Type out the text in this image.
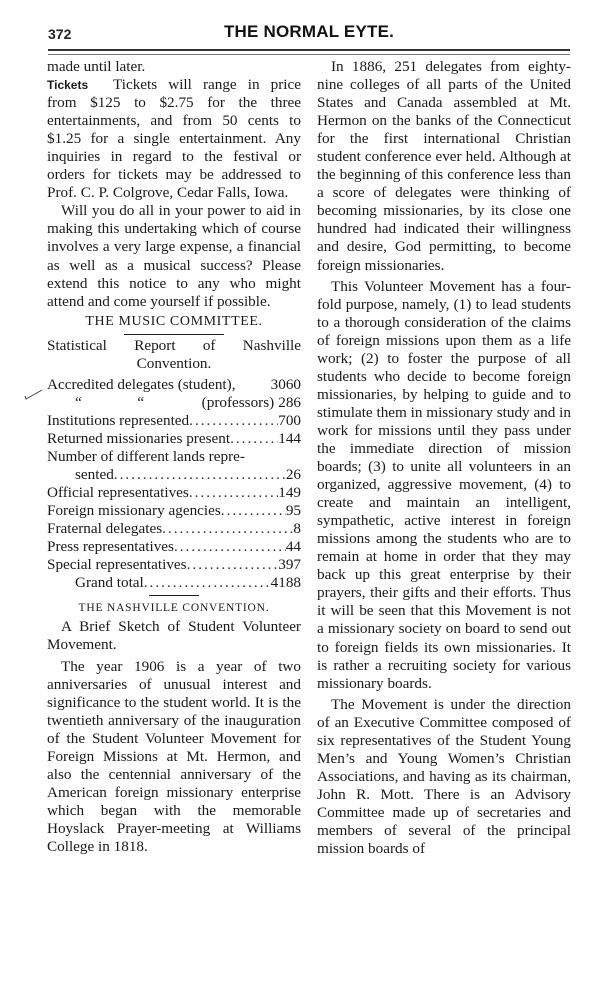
372	THE NORMAL EYTE.

made until later.

Tickets Tickets will range in price from $125 to $2.75 for the three entertainments, and from 50 cents to $1.25 for a single entertainment. Any inquiries in regard to the festival or orders for tickets may be addressed to Prof. C. P. Colgrove, Cedar Falls, Iowa.

Will you do all in your power to aid in making this undertaking which of course involves a very large expense, a financial as well as a musical success? Please extend this notice to any who might attend and come yourself if possible.

THE MUSIC COMMITTEE.
Statistical Report of Nashville
Convention.
Accredited delegates (student), 3060
“	“	(professors) 286
Institutions represented .....	700
Returned missionaries present .....	144
Number of different lands repre-
sented .....	26
Official representatives .....	149
Foreign missionary agencies .....	95
Fraternal delegates .....	8
Press representatives .....	44
Special representatives .....	397
Grand total .....	4188
THE NASHVILLE CONVENTION.

A Brief Sketch of Student Volunteer Movement.

The year 1906 is a year of two anniversaries of unusual interest and significance to the student world. It is the twentieth anniversary of the inauguration of the Student Volunteer Movement for Foreign Missions at Mt. Hermon, and also the centennial anniversary of the American foreign missionary enterprise which began with the memorable Hoyslack Prayer-meeting at Williams College in 1818.

In 1886, 251 delegates from eighty-nine colleges of all parts of the United States and Canada assembled at Mt. Hermon on the banks of the Connecticut for the first international Christian student conference ever held. Although at the beginning of this conference less than a score of delegates were thinking of becoming missionaries, by its close one hundred had indicated their willingness and desire, God permitting, to become foreign missionaries.

This Volunteer Movement has a four-fold purpose, namely, (1) to lead students to a thorough consideration of the claims of foreign missions upon them as a life work; (2) to foster the purpose of all students who decide to become foreign missionaries, by helping to guide and to stimulate them in missionary study and in work for missions until they pass under the immediate direction of mission boards; (3) to unite all volunteers in an organized, aggressive movement, (4) to create and maintain an intelligent, sympathetic, active interest in foreign missions among the students who are to remain at home in order that they may back up this great enterprise by their prayers, their gifts and their efforts. Thus it will be seen that this Movement is not a missionary society on board to send out to foreign fields its own missionaries. It is rather a recruiting society for various missionary boards.

The Movement is under the direction of an Executive Committee composed of six representatives of the Student Young Men’s and Young Women’s Christian Associations, and having as its chairman, John R. Mott. There is an Advisory Committee made up of secretaries and members of several of the principal mission boards of
